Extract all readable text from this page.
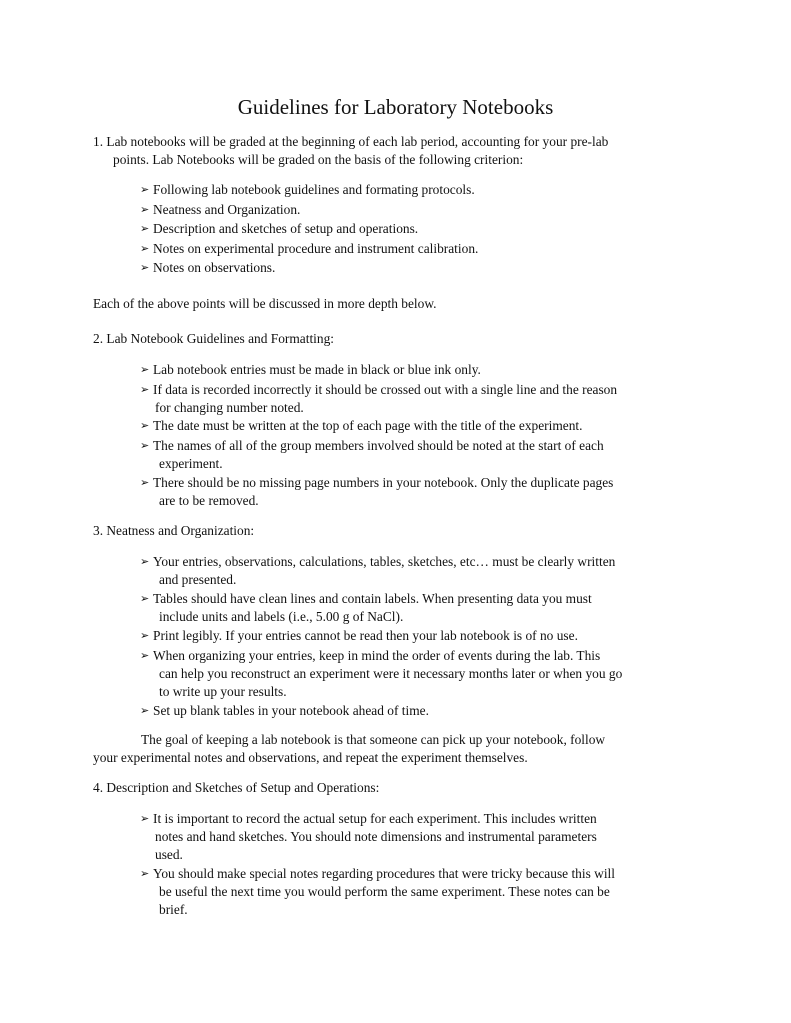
Guidelines for Laboratory Notebooks
1. Lab notebooks will be graded at the beginning of each lab period, accounting for your pre-lab
points. Lab Notebooks will be graded on the basis of the following criterion:
➢ Following lab notebook guidelines and formating protocols.
➢ Neatness and Organization.
➢ Description and sketches of setup and operations.
➢ Notes on experimental procedure and instrument calibration.
➢ Notes on observations.
Each of the above points will be discussed in more depth below.
2. Lab Notebook Guidelines and Formatting:
➢ Lab notebook entries must be made in black or blue ink only.
➢ If data is recorded incorrectly it should be crossed out with a single line and the reason
for changing number noted.
➢ The date must be written at the top of each page with the title of the experiment.
➢ The names of all of the group members involved should be noted at the start of each
experiment.
➢ There should be no missing page numbers in your notebook. Only the duplicate pages
are to be removed.
3. Neatness and Organization:
➢ Your entries, observations, calculations, tables, sketches, etc… must be clearly written
and presented.
➢ Tables should have clean lines and contain labels. When presenting data you must
include units and labels (i.e., 5.00 g of NaCl).
➢ Print legibly. If your entries cannot be read then your lab notebook is of no use.
➢ When organizing your entries, keep in mind the order of events during the lab. This
can help you reconstruct an experiment were it necessary months later or when you go
to write up your results.
➢ Set up blank tables in your notebook ahead of time.
The goal of keeping a lab notebook is that someone can pick up your notebook, follow
your experimental notes and observations, and repeat the experiment themselves.
4. Description and Sketches of Setup and Operations:
➢ It is important to record the actual setup for each experiment. This includes written
notes and hand sketches. You should note dimensions and instrumental parameters
used.
➢ You should make special notes regarding procedures that were tricky because this will
be useful the next time you would perform the same experiment. These notes can be
brief.
